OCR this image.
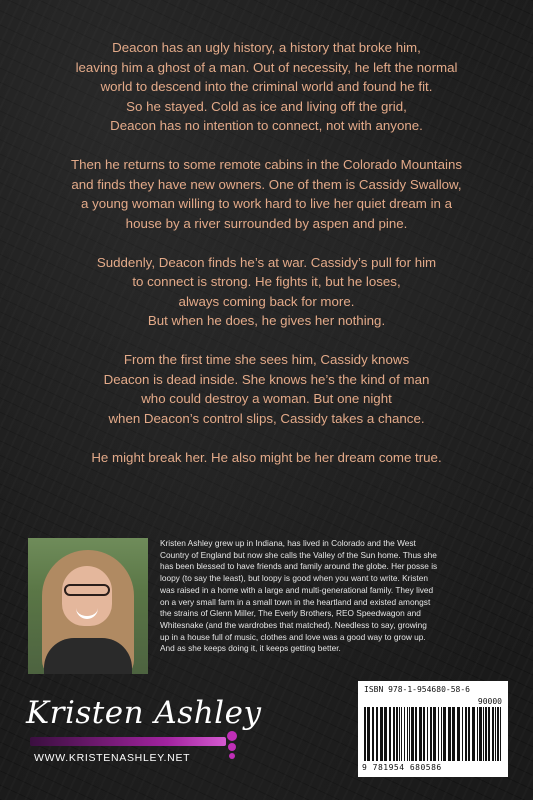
Deacon has an ugly history, a history that broke him,
leaving him a ghost of a man. Out of necessity, he left the normal
world to descend into the criminal world and found he fit.
So he stayed. Cold as ice and living off the grid,
Deacon has no intention to connect, not with anyone.

Then he returns to some remote cabins in the Colorado Mountains
and finds they have new owners. One of them is Cassidy Swallow,
a young woman willing to work hard to live her quiet dream in a
house by a river surrounded by aspen and pine.

Suddenly, Deacon finds he’s at war. Cassidy’s pull for him
to connect is strong. He fights it, but he loses,
always coming back for more.
But when he does, he gives her nothing.

From the first time she sees him, Cassidy knows
Deacon is dead inside. She knows he’s the kind of man
who could destroy a woman. But one night
when Deacon’s control slips, Cassidy takes a chance.

He might break her. He also might be her dream come true.

Kristen Ashley grew up in Indiana, has lived in Colorado and the West
Country of England but now she calls the Valley of the Sun home. Thus she
has been blessed to have friends and family around the globe. Her posse is
loopy (to say the least), but loopy is good when you want to write. Kristen
was raised in a home with a large and multi-generational family. They lived
on a very small farm in a small town in the heartland and existed amongst
the strains of Glenn Miller, The Everly Brothers, REO Speedwagon and
Whitesnake (and the wardrobes that matched). Needless to say, growing
up in a house full of music, clothes and love was a good way to grow up.
And as she keeps doing it, it keeps getting better.
Kristen Ashley
WWW.KRISTENASHLEY.NET
ISBN 978-1-954680-58-6
90000
9 781954 680586
